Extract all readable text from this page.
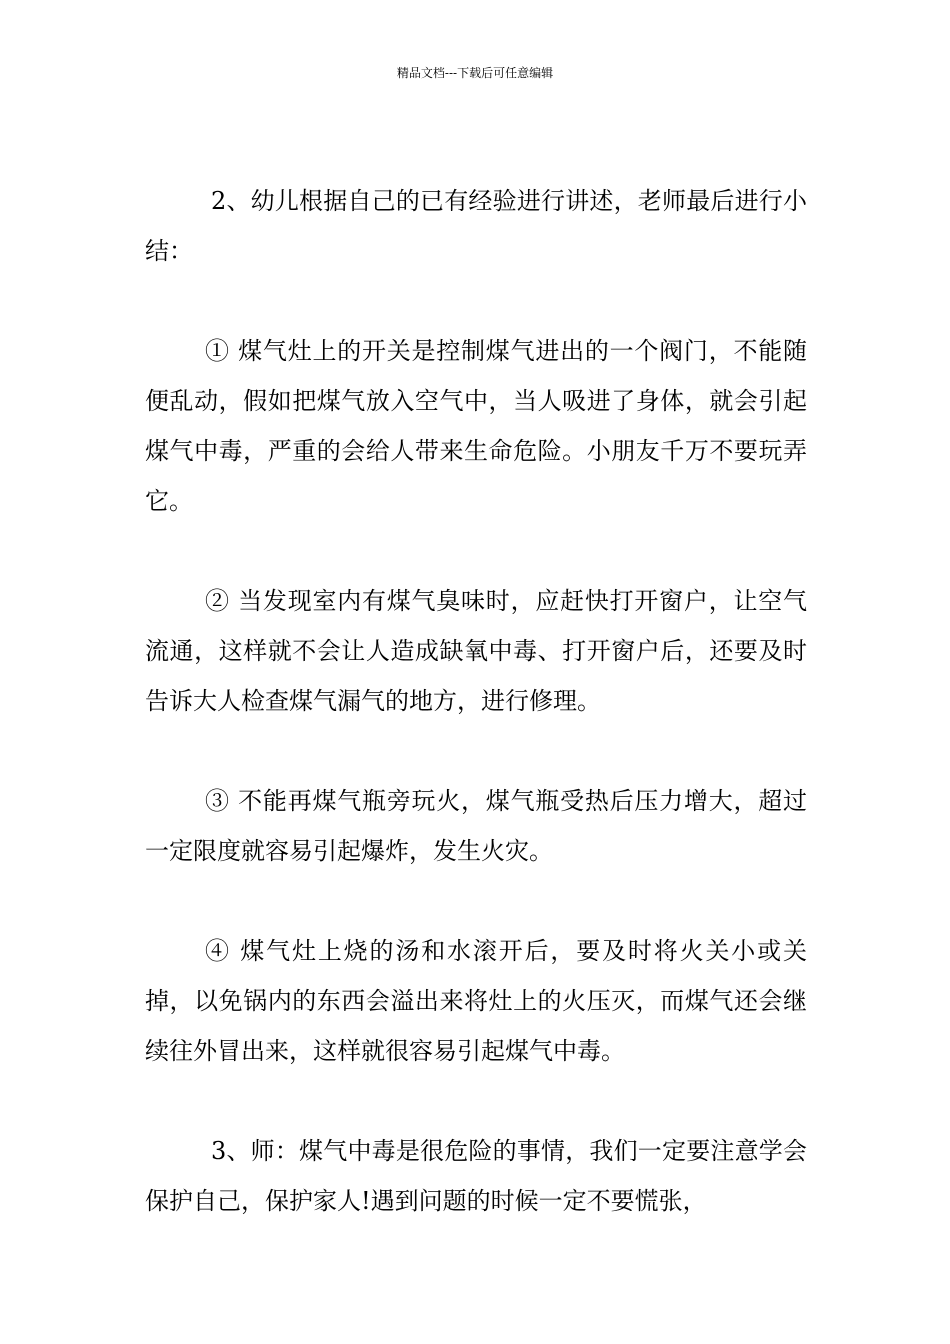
精品文档---下载后可任意编辑

2、幼儿根据自己的已有经验进行讲述，老师最后进行小结：

① 煤气灶上的开关是控制煤气进出的一个阀门，不能随便乱动，假如把煤气放入空气中，当人吸进了身体，就会引起煤气中毒，严重的会给人带来生命危险。小朋友千万不要玩弄它。

② 当发现室内有煤气臭味时，应赶快打开窗户，让空气流通，这样就不会让人造成缺氧中毒、打开窗户后，还要及时告诉大人检查煤气漏气的地方，进行修理。

③ 不能再煤气瓶旁玩火，煤气瓶受热后压力增大，超过一定限度就容易引起爆炸，发生火灾。

④ 煤气灶上烧的汤和水滚开后，要及时将火关小或关掉，以免锅内的东西会溢出来将灶上的火压灭，而煤气还会继续往外冒出来，这样就很容易引起煤气中毒。

3、师：煤气中毒是很危险的事情，我们一定要注意学会保护自己，保护家人!遇到问题的时候一定不要慌张，
